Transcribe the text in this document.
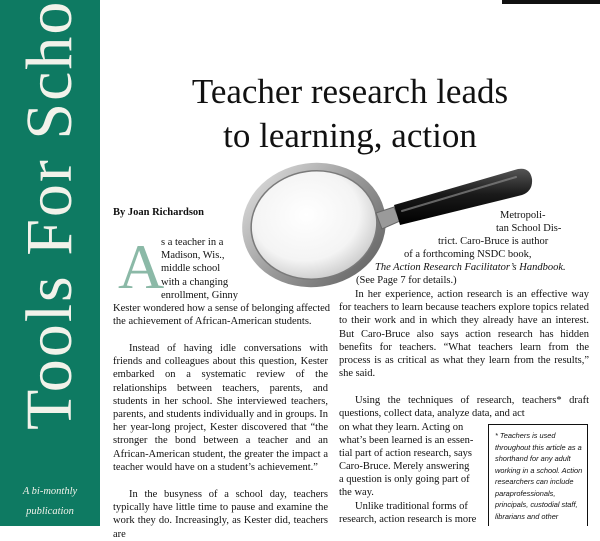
Tools For Scho
A bi-monthly
publication
Teacher research leads
to learning, action
By Joan Richardson
A
s a teacher in a
Madison, Wis.,
middle school
with a changing
enrollment, Ginny

Kester wondered how a sense of belonging affected the achievement of African-American students.

Instead of having idle conversations with friends and colleagues about this question, Kester embarked on a systematic review of the relationships between teachers, parents, and students in her school. She interviewed teachers, parents, and students individually and in groups. In her year-long project, Kester discovered that “the stronger the bond between a teacher and an African-American student, the greater the impact a teacher would have on a student’s achievement.”

In the busyness of a school day, teachers typically have little time to pause and examine the work they do. Increasingly, as Kester did, teachers are

Metropoli-
tan School Dis-
trict. Caro-Bruce is author
of a forthcoming NSDC book,
The Action Research Facilitator’s Handbook.
(See Page 7 for details.)

In her experience, action research is an effective way for teachers to learn because teachers explore topics related to their work and in which they already have an interest. But Caro-Bruce also says action research has hidden benefits for teachers. “What teachers learn from the process is as critical as what they learn from the results,” she said.

Using the techniques of research, teachers* draft questions, collect data, analyze data, and act

on what they learn. Acting on
what’s been learned is an essen-
tial part of action research, says
Caro-Bruce. Merely answering
a question is only going part of
the way.
Unlike traditional forms of
research, action research is more

* Teachers is used throughout this article as a shorthand for any adult working in a school. Action researchers can include paraprofessionals, principals, custodial staff, librarians and other
